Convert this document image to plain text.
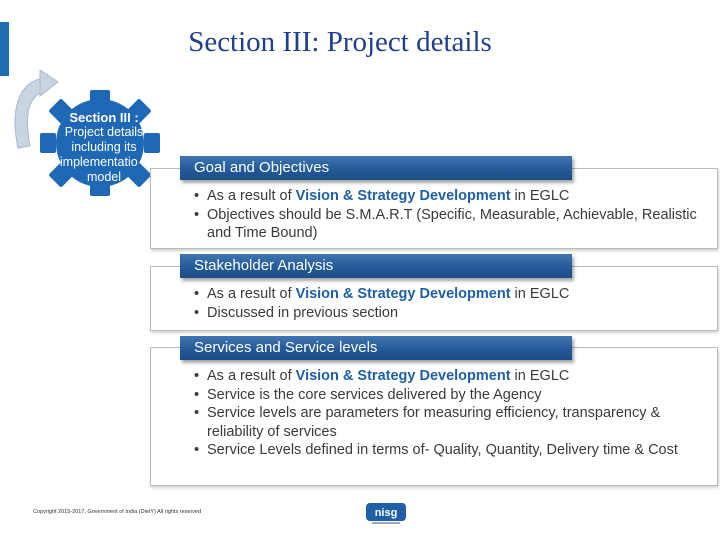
Section III: Project details
Section III :
Project details including its implementatio n model
Goal and Objectives
• As a result of Vision & Strategy Development in EGLC
• Objectives should be S.M.A.R.T (Specific, Measurable, Achievable, Realistic and Time Bound)
Stakeholder Analysis
• As a result of Vision & Strategy Development in EGLC
• Discussed in previous section
Services and Service levels
• As a result of Vision & Strategy Development in EGLC
• Service is the core services delivered by the Agency
• Service levels are parameters for measuring efficiency, transparency & reliability of services
• Service Levels defined in terms of- Quality, Quantity, Delivery time & Cost
Copyright 2015-2017, Government of India (DietY) All rights reserved	nisg
